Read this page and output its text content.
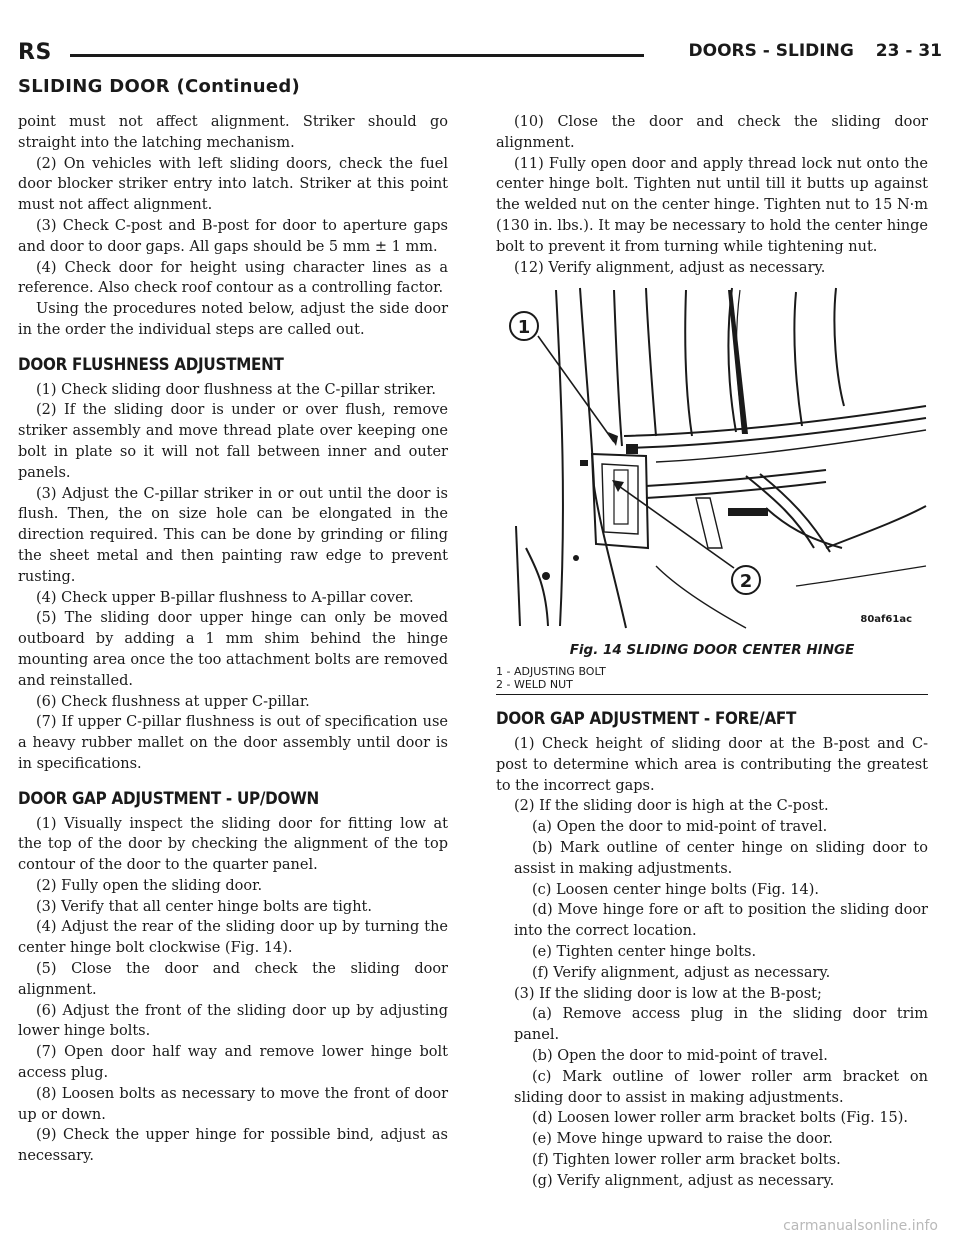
RS	DOORS - SLIDING 23 - 31
SLIDING DOOR (Continued)

point must not affect alignment. Striker should go straight into the latching mechanism.

(2) On vehicles with left sliding doors, check the fuel door blocker striker entry into latch. Striker at this point must not affect alignment.

(3) Check C-post and B-post for door to aperture gaps and door to door gaps. All gaps should be 5 mm ± 1 mm.

(4) Check door for height using character lines as a reference. Also check roof contour as a controlling factor.

Using the procedures noted below, adjust the side door in the order the individual steps are called out.

DOOR FLUSHNESS ADJUSTMENT

(1) Check sliding door flushness at the C-pillar striker.

(2) If the sliding door is under or over flush, remove striker assembly and move thread plate over keeping one bolt in plate so it will not fall between inner and outer panels.

(3) Adjust the C-pillar striker in or out until the door is flush. Then, the on size hole can be elongated in the direction required. This can be done by grinding or filing the sheet metal and then painting raw edge to prevent rusting.

(4) Check upper B-pillar flushness to A-pillar cover.

(5) The sliding door upper hinge can only be moved outboard by adding a 1 mm shim behind the hinge mounting area once the too attachment bolts are removed and reinstalled.

(6) Check flushness at upper C-pillar.

(7) If upper C-pillar flushness is out of specification use a heavy rubber mallet on the door assembly until door is in specifications.

DOOR GAP ADJUSTMENT - UP/DOWN

(1) Visually inspect the sliding door for fitting low at the top of the door by checking the alignment of the top contour of the door to the quarter panel.

(2) Fully open the sliding door.

(3) Verify that all center hinge bolts are tight.

(4) Adjust the rear of the sliding door up by turning the center hinge bolt clockwise (Fig. 14).

(5) Close the door and check the sliding door alignment.

(6) Adjust the front of the sliding door up by adjusting lower hinge bolts.

(7) Open door half way and remove lower hinge bolt access plug.

(8) Loosen bolts as necessary to move the front of door up or down.

(9) Check the upper hinge for possible bind, adjust as necessary.

(10) Close the door and check the sliding door alignment.

(11) Fully open door and apply thread lock nut onto the center hinge bolt. Tighten nut until till it butts up against the welded nut on the center hinge. Tighten nut to 15 N·m (130 in. lbs.). It may be necessary to hold the center hinge bolt to prevent it from turning while tightening nut.

(12) Verify alignment, adjust as necessary.

1
2
80af61ac
Fig. 14 SLIDING DOOR CENTER HINGE
1 - ADJUSTING BOLT
2 - WELD NUT
DOOR GAP ADJUSTMENT - FORE/AFT

(1) Check height of sliding door at the B-post and C-post to determine which area is contributing the greatest to the incorrect gaps.

(2) If the sliding door is high at the C-post.

(a) Open the door to mid-point of travel.

(b) Mark outline of center hinge on sliding door to assist in making adjustments.

(c) Loosen center hinge bolts (Fig. 14).

(d) Move hinge fore or aft to position the sliding door into the correct location.

(e) Tighten center hinge bolts.

(f) Verify alignment, adjust as necessary.

(3) If the sliding door is low at the B-post;

(a) Remove access plug in the sliding door trim panel.

(b) Open the door to mid-point of travel.

(c) Mark outline of lower roller arm bracket on sliding door to assist in making adjustments.

(d) Loosen lower roller arm bracket bolts (Fig. 15).

(e) Move hinge upward to raise the door.

(f) Tighten lower roller arm bracket bolts.

(g) Verify alignment, adjust as necessary.

carmanualsonline.info
